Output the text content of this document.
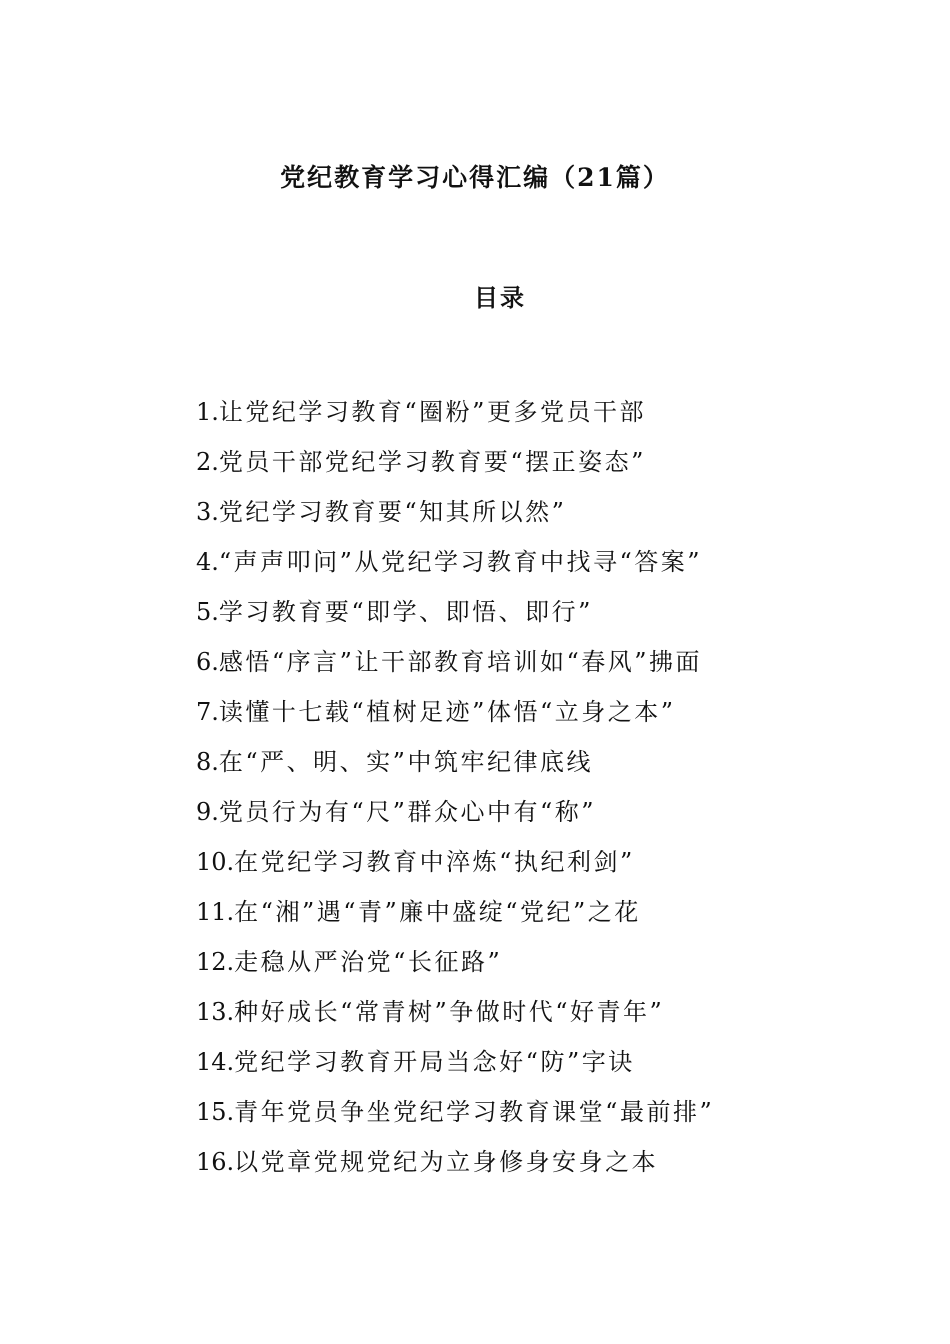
党纪教育学习心得汇编（21篇）
目录
1.让党纪学习教育“圈粉”更多党员干部
2.党员干部党纪学习教育要“摆正姿态”
3.党纪学习教育要“知其所以然”
4.“声声叩问”从党纪学习教育中找寻“答案”
5.学习教育要“即学、即悟、即行”
6.感悟“序言”让干部教育培训如“春风”拂面
7.读懂十七载“植树足迹”体悟“立身之本”
8.在“严、明、实”中筑牢纪律底线
9.党员行为有“尺”群众心中有“称”
10.在党纪学习教育中淬炼“执纪利剑”
11.在“湘”遇“青”廉中盛绽“党纪”之花
12.走稳从严治党“长征路”
13.种好成长“常青树”争做时代“好青年”
14.党纪学习教育开局当念好“防”字诀
15.青年党员争坐党纪学习教育课堂“最前排”
16.以党章党规党纪为立身修身安身之本
